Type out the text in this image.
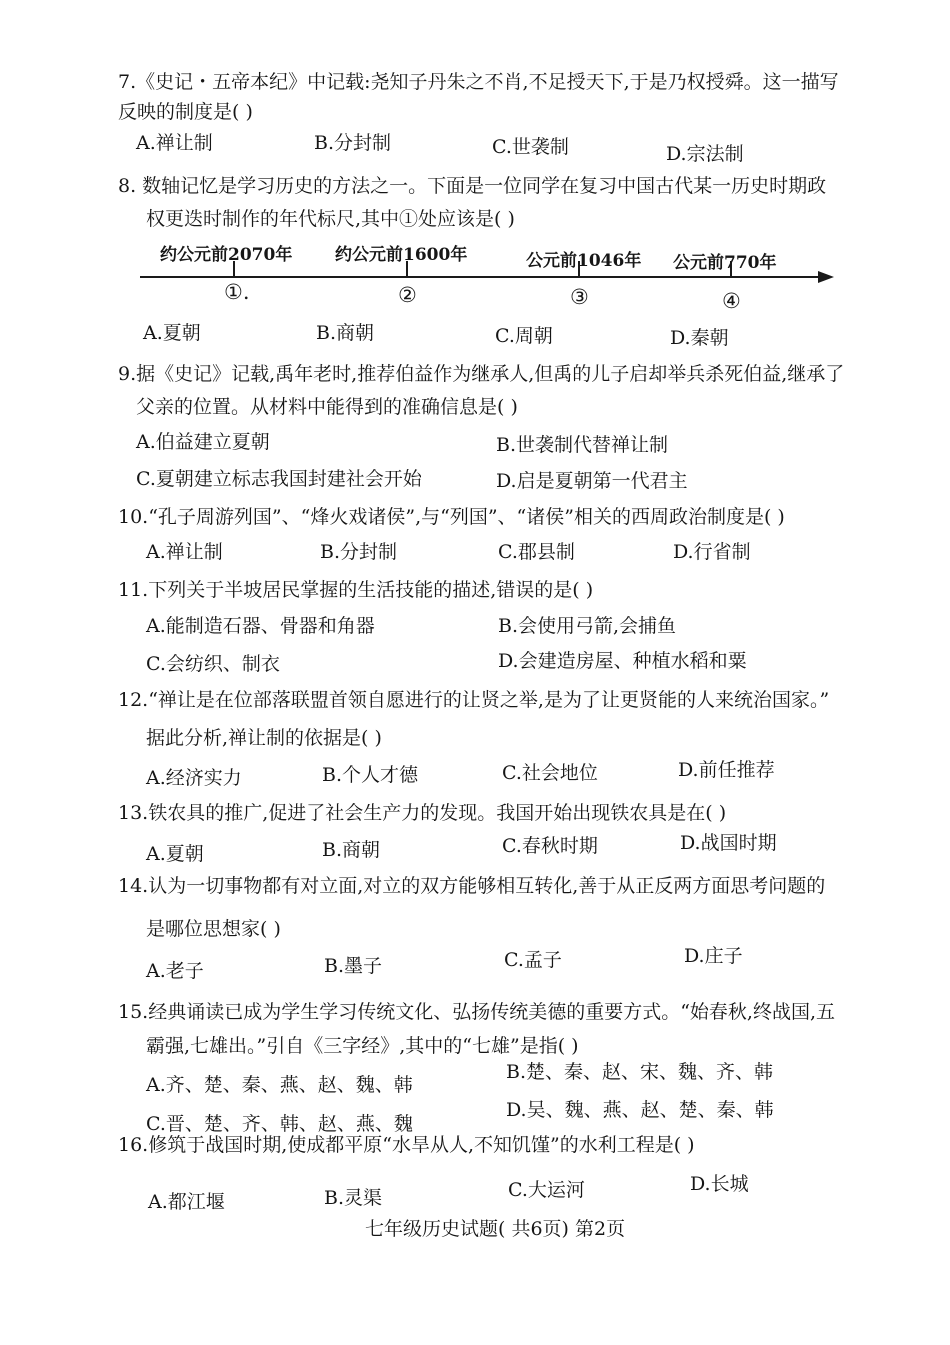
7.《史记・五帝本纪》中记载:尧知子丹朱之不肖,不足授天下,于是乃权授舜。这一描写
反映的制度是( )
A.禅让制	B.分封制	C.世袭制	D.宗法制
8. 数轴记忆是学习历史的方法之一。下面是一位同学在复习中国古代某一历史时期政
权更迭时制作的年代标尺,其中①处应该是( )
约公元前2070年	约公元前1600年	公元前1046年 公元前770年
①.	②	③	④
A.夏朝	B.商朝	C.周朝	D.秦朝
9.据《史记》记载,禹年老时,推荐伯益作为继承人,但禹的儿子启却举兵杀死伯益,继承了
父亲的位置。从材料中能得到的准确信息是( )
A.伯益建立夏朝	B.世袭制代替禅让制
C.夏朝建立标志我国封建社会开始	D.启是夏朝第一代君主
10.“孔子周游列国”、“烽火戏诸侯”,与“列国”、“诸侯”相关的西周政治制度是( )
A.禅让制	B.分封制	C.郡县制	D.行省制
11.下列关于半坡居民掌握的生活技能的描述,错误的是( )
A.能制造石器、骨器和角器	B.会使用弓箭,会捕鱼
C.会纺织、制衣	D.会建造房屋、种植水稻和粟
12.“禅让是在位部落联盟首领自愿进行的让贤之举,是为了让更贤能的人来统治国家。”
据此分析,禅让制的依据是( )
A.经济实力	B.个人才德	C.社会地位	D.前任推荐
13.铁农具的推广,促进了社会生产力的发现。我国开始出现铁农具是在( )
A.夏朝	B.商朝	C.春秋时期	D.战国时期
14.认为一切事物都有对立面,对立的双方能够相互转化,善于从正反两方面思考问题的
是哪位思想家( )
A.老子	B.墨子	C.孟子	D.庄子
15.经典诵读已成为学生学习传统文化、弘扬传统美德的重要方式。“始春秋,终战国,五
霸强,七雄出。”引自《三字经》,其中的“七雄”是指( )
A.齐、楚、秦、燕、赵、魏、韩
B.楚、秦、赵、宋、魏、齐、韩
C.晋、楚、齐、韩、赵、燕、魏
D.吴、魏、燕、赵、楚、秦、韩
16.修筑于战国时期,使成都平原“水旱从人,不知饥馑”的水利工程是( )
A.都江堰	B.灵渠	C.大运河	D.长城
七年级历史试题( 共6页) 第2页
